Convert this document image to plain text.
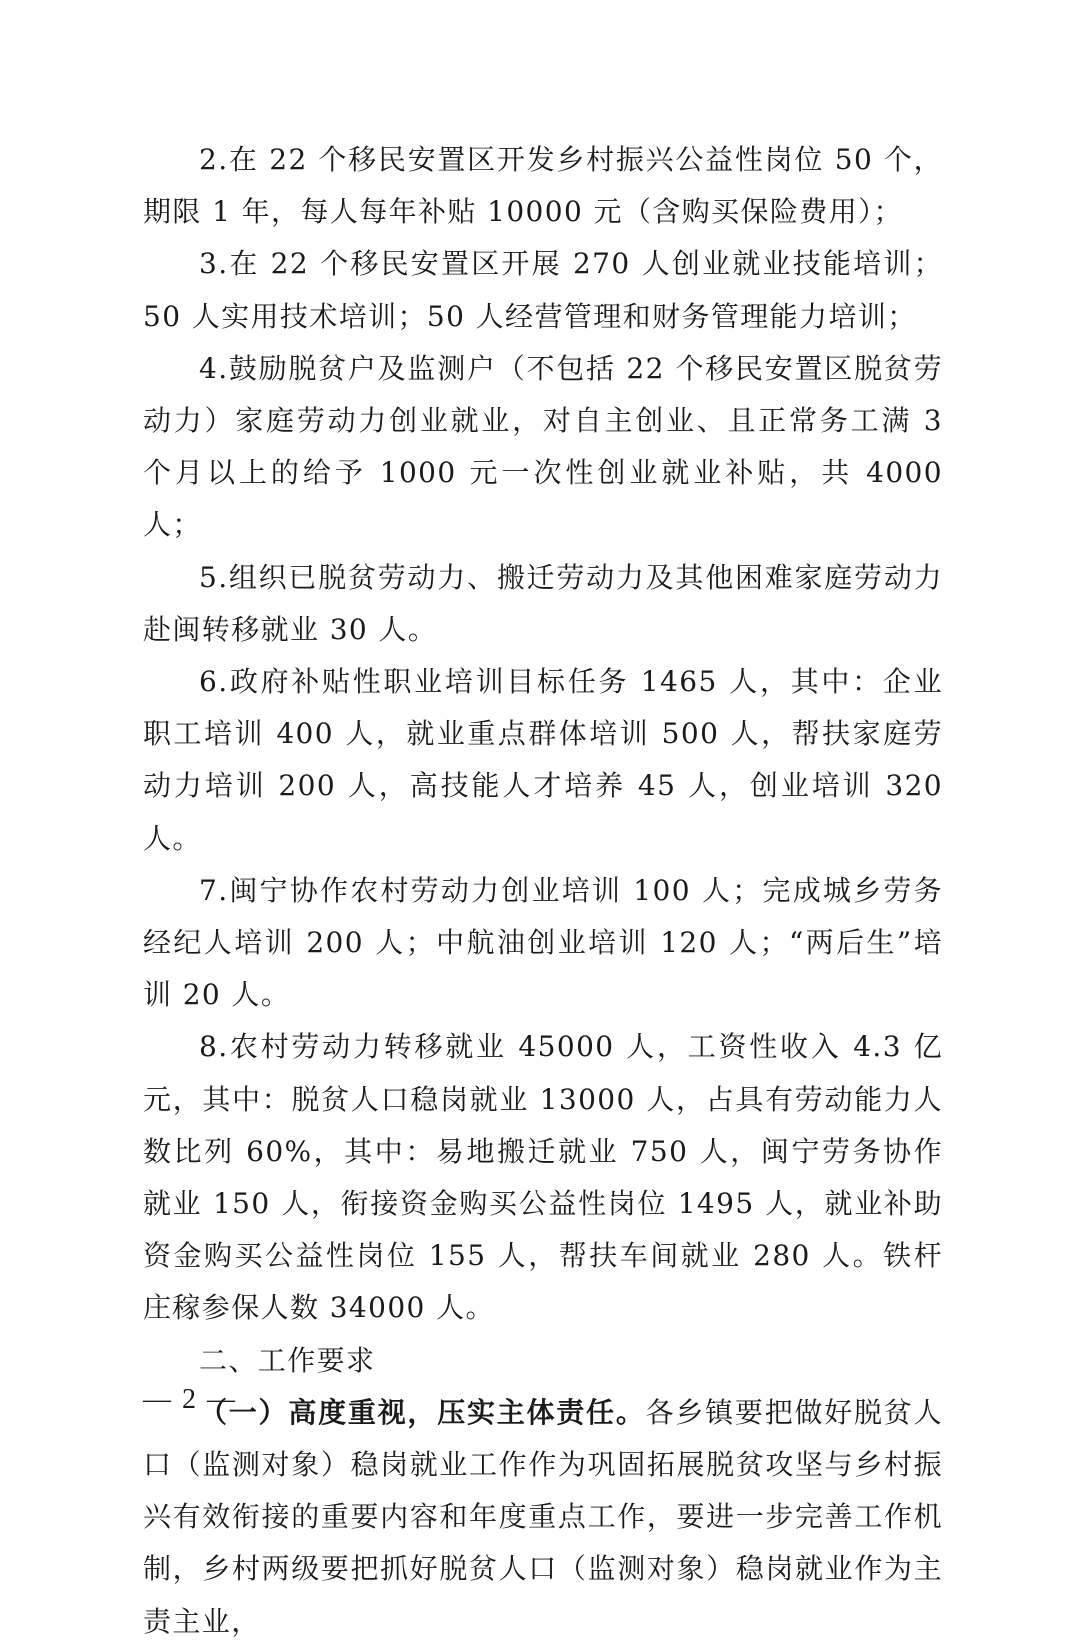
2.在 22 个移民安置区开发乡村振兴公益性岗位 50 个，期限 1 年，每人每年补贴 10000 元（含购买保险费用）；

3.在 22 个移民安置区开展 270 人创业就业技能培训；50 人实用技术培训；50 人经营管理和财务管理能力培训；

4.鼓励脱贫户及监测户（不包括 22 个移民安置区脱贫劳动力）家庭劳动力创业就业，对自主创业、且正常务工满 3 个月以上的给予 1000 元一次性创业就业补贴，共 4000 人；

5.组织已脱贫劳动力、搬迁劳动力及其他困难家庭劳动力赴闽转移就业 30 人。

6.政府补贴性职业培训目标任务 1465 人，其中：企业职工培训 400 人，就业重点群体培训 500 人，帮扶家庭劳动力培训 200 人，高技能人才培养 45 人，创业培训 320 人。

7.闽宁协作农村劳动力创业培训 100 人；完成城乡劳务经纪人培训 200 人；中航油创业培训 120 人；“两后生”培训 20 人。

8.农村劳动力转移就业 45000 人，工资性收入 4.3 亿元，其中：脱贫人口稳岗就业 13000 人，占具有劳动能力人数比列 60%，其中：易地搬迁就业 750 人，闽宁劳务协作就业 150 人，衔接资金购买公益性岗位 1495 人，就业补助资金购买公益性岗位 155 人，帮扶车间就业 280 人。铁杆庄稼参保人数 34000 人。

二、工作要求

（一）高度重视，压实主体责任。各乡镇要把做好脱贫人口（监测对象）稳岗就业工作作为巩固拓展脱贫攻坚与乡村振兴有效衔接的重要内容和年度重点工作，要进一步完善工作机制，乡村两级要把抓好脱贫人口（监测对象）稳岗就业作为主责主业，

— 2 —
